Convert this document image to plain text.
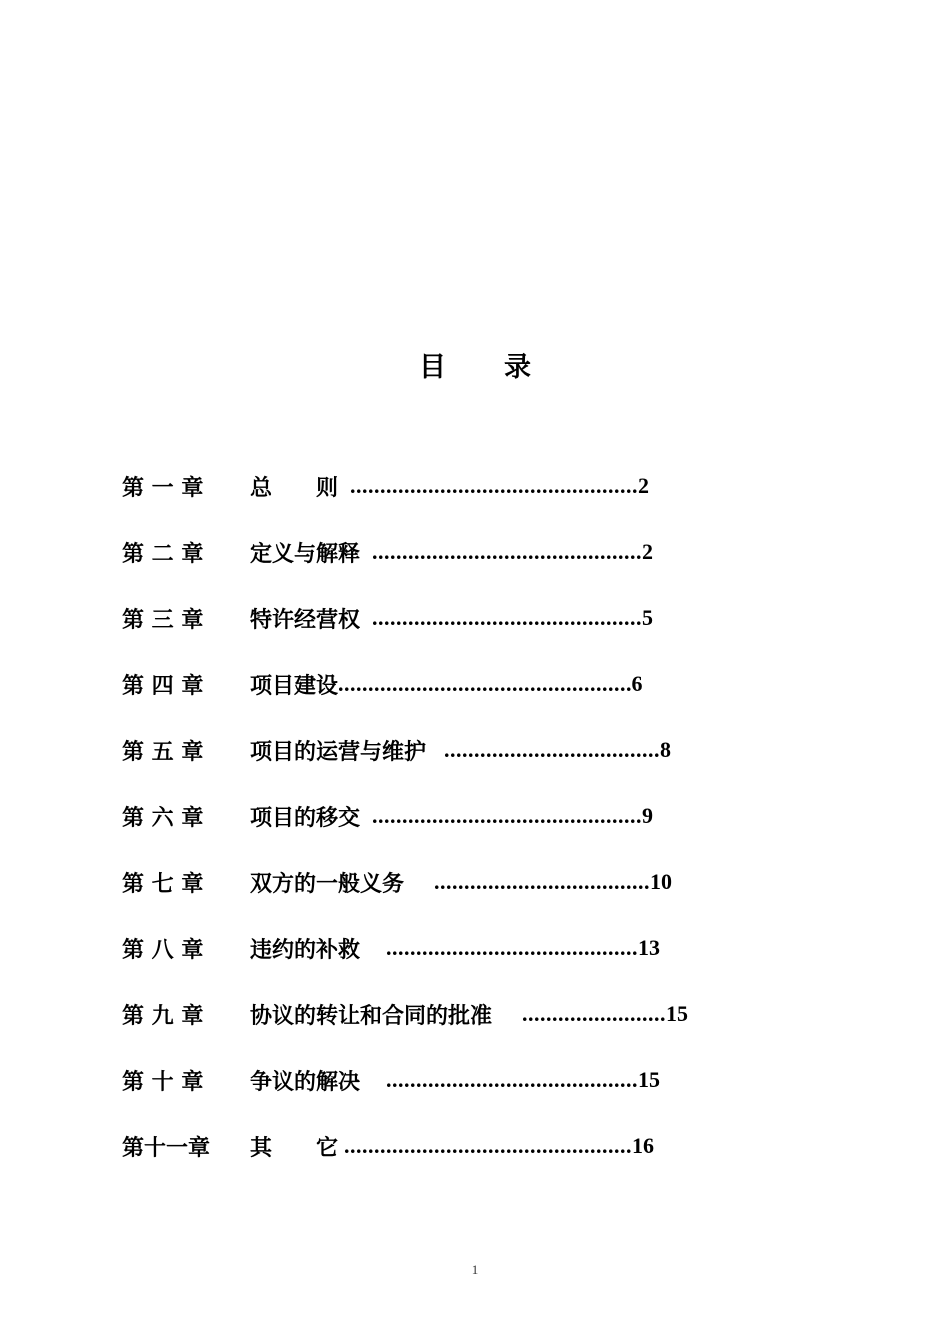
目录
第 一 章	总　　则 ................................................ 2
第 二 章	定义与解释 ............................................. 2
第 三 章	特许经营权 ............................................. 5
第 四 章	项目建设 ................................................ .6
第 五 章	项目的运营与维护 .................................... 8
第 六 章	项目的移交 ............................................. 9
第 七 章	双方的一般义务	.................................... 10
第 八 章	违约的补救	.......................................... 13
第 九 章	协议的转让和合同的批准	........................ 15
第 十 章	争议的解决	.......................................... 15
第十一章	其　　它 ................................................ 16
1
